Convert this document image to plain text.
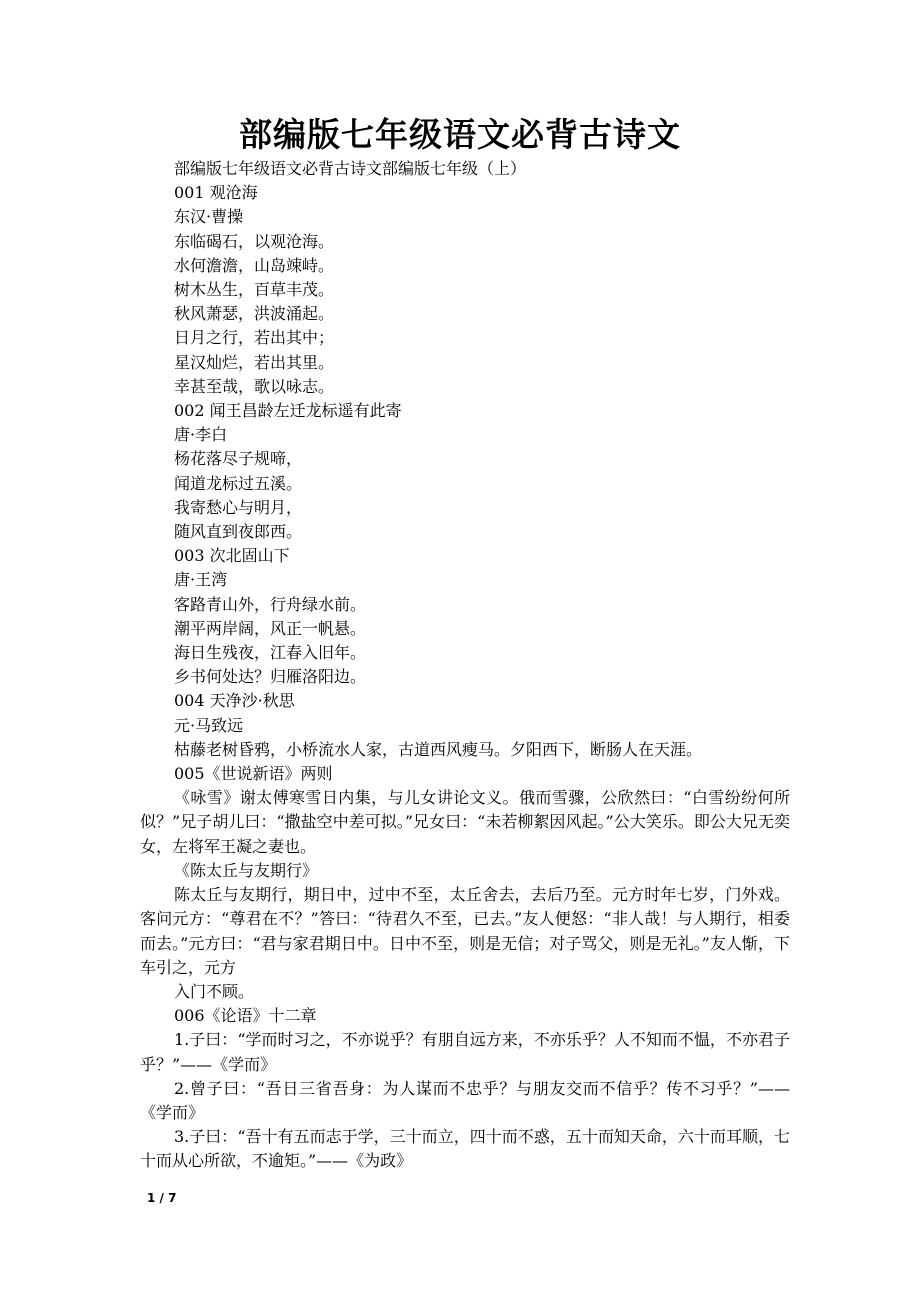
部编版七年级语文必背古诗文
部编版七年级语文必背古诗文部编版七年级（上）
001 观沧海
东汉·曹操
东临碣石，以观沧海。
水何澹澹，山岛竦峙。
树木丛生，百草丰茂。
秋风萧瑟，洪波涌起。
日月之行，若出其中；
星汉灿烂，若出其里。
幸甚至哉，歌以咏志。
002 闻王昌龄左迁龙标遥有此寄
唐·李白
杨花落尽子规啼，
闻道龙标过五溪。
我寄愁心与明月，
随风直到夜郎西。
003 次北固山下
唐·王湾
客路青山外，行舟绿水前。
潮平两岸阔，风正一帆悬。
海日生残夜，江春入旧年。
乡书何处达？归雁洛阳边。
004 天净沙·秋思
元·马致远
枯藤老树昏鸦，小桥流水人家，古道西风瘦马。夕阳西下，断肠人在天涯。
005《世说新语》两则
《咏雪》谢太傅寒雪日内集，与儿女讲论文义。俄而雪骤，公欣然曰：“白雪纷纷何所似？”兄子胡儿曰：“撒盐空中差可拟。”兄女曰：“未若柳絮因风起。”公大笑乐。即公大兄无奕女，左将军王凝之妻也。
《陈太丘与友期行》
陈太丘与友期行，期日中，过中不至，太丘舍去，去后乃至。元方时年七岁，门外戏。客问元方：“尊君在不？”答曰：“待君久不至，已去。”友人便怒：“非人哉！与人期行，相委而去。”元方曰：“君与家君期日中。日中不至，则是无信；对子骂父，则是无礼。”友人惭，下车引之，元方
入门不顾。
006《论语》十二章
1.子曰：“学而时习之，不亦说乎？有朋自远方来，不亦乐乎？人不知而不愠，不亦君子乎？”——《学而》
2.曾子曰：“吾日三省吾身：为人谋而不忠乎？与朋友交而不信乎？传不习乎？”——《学而》
3.子曰：“吾十有五而志于学，三十而立，四十而不惑，五十而知天命，六十而耳顺，七十而从心所欲，不逾矩。”——《为政》
1 / 7
